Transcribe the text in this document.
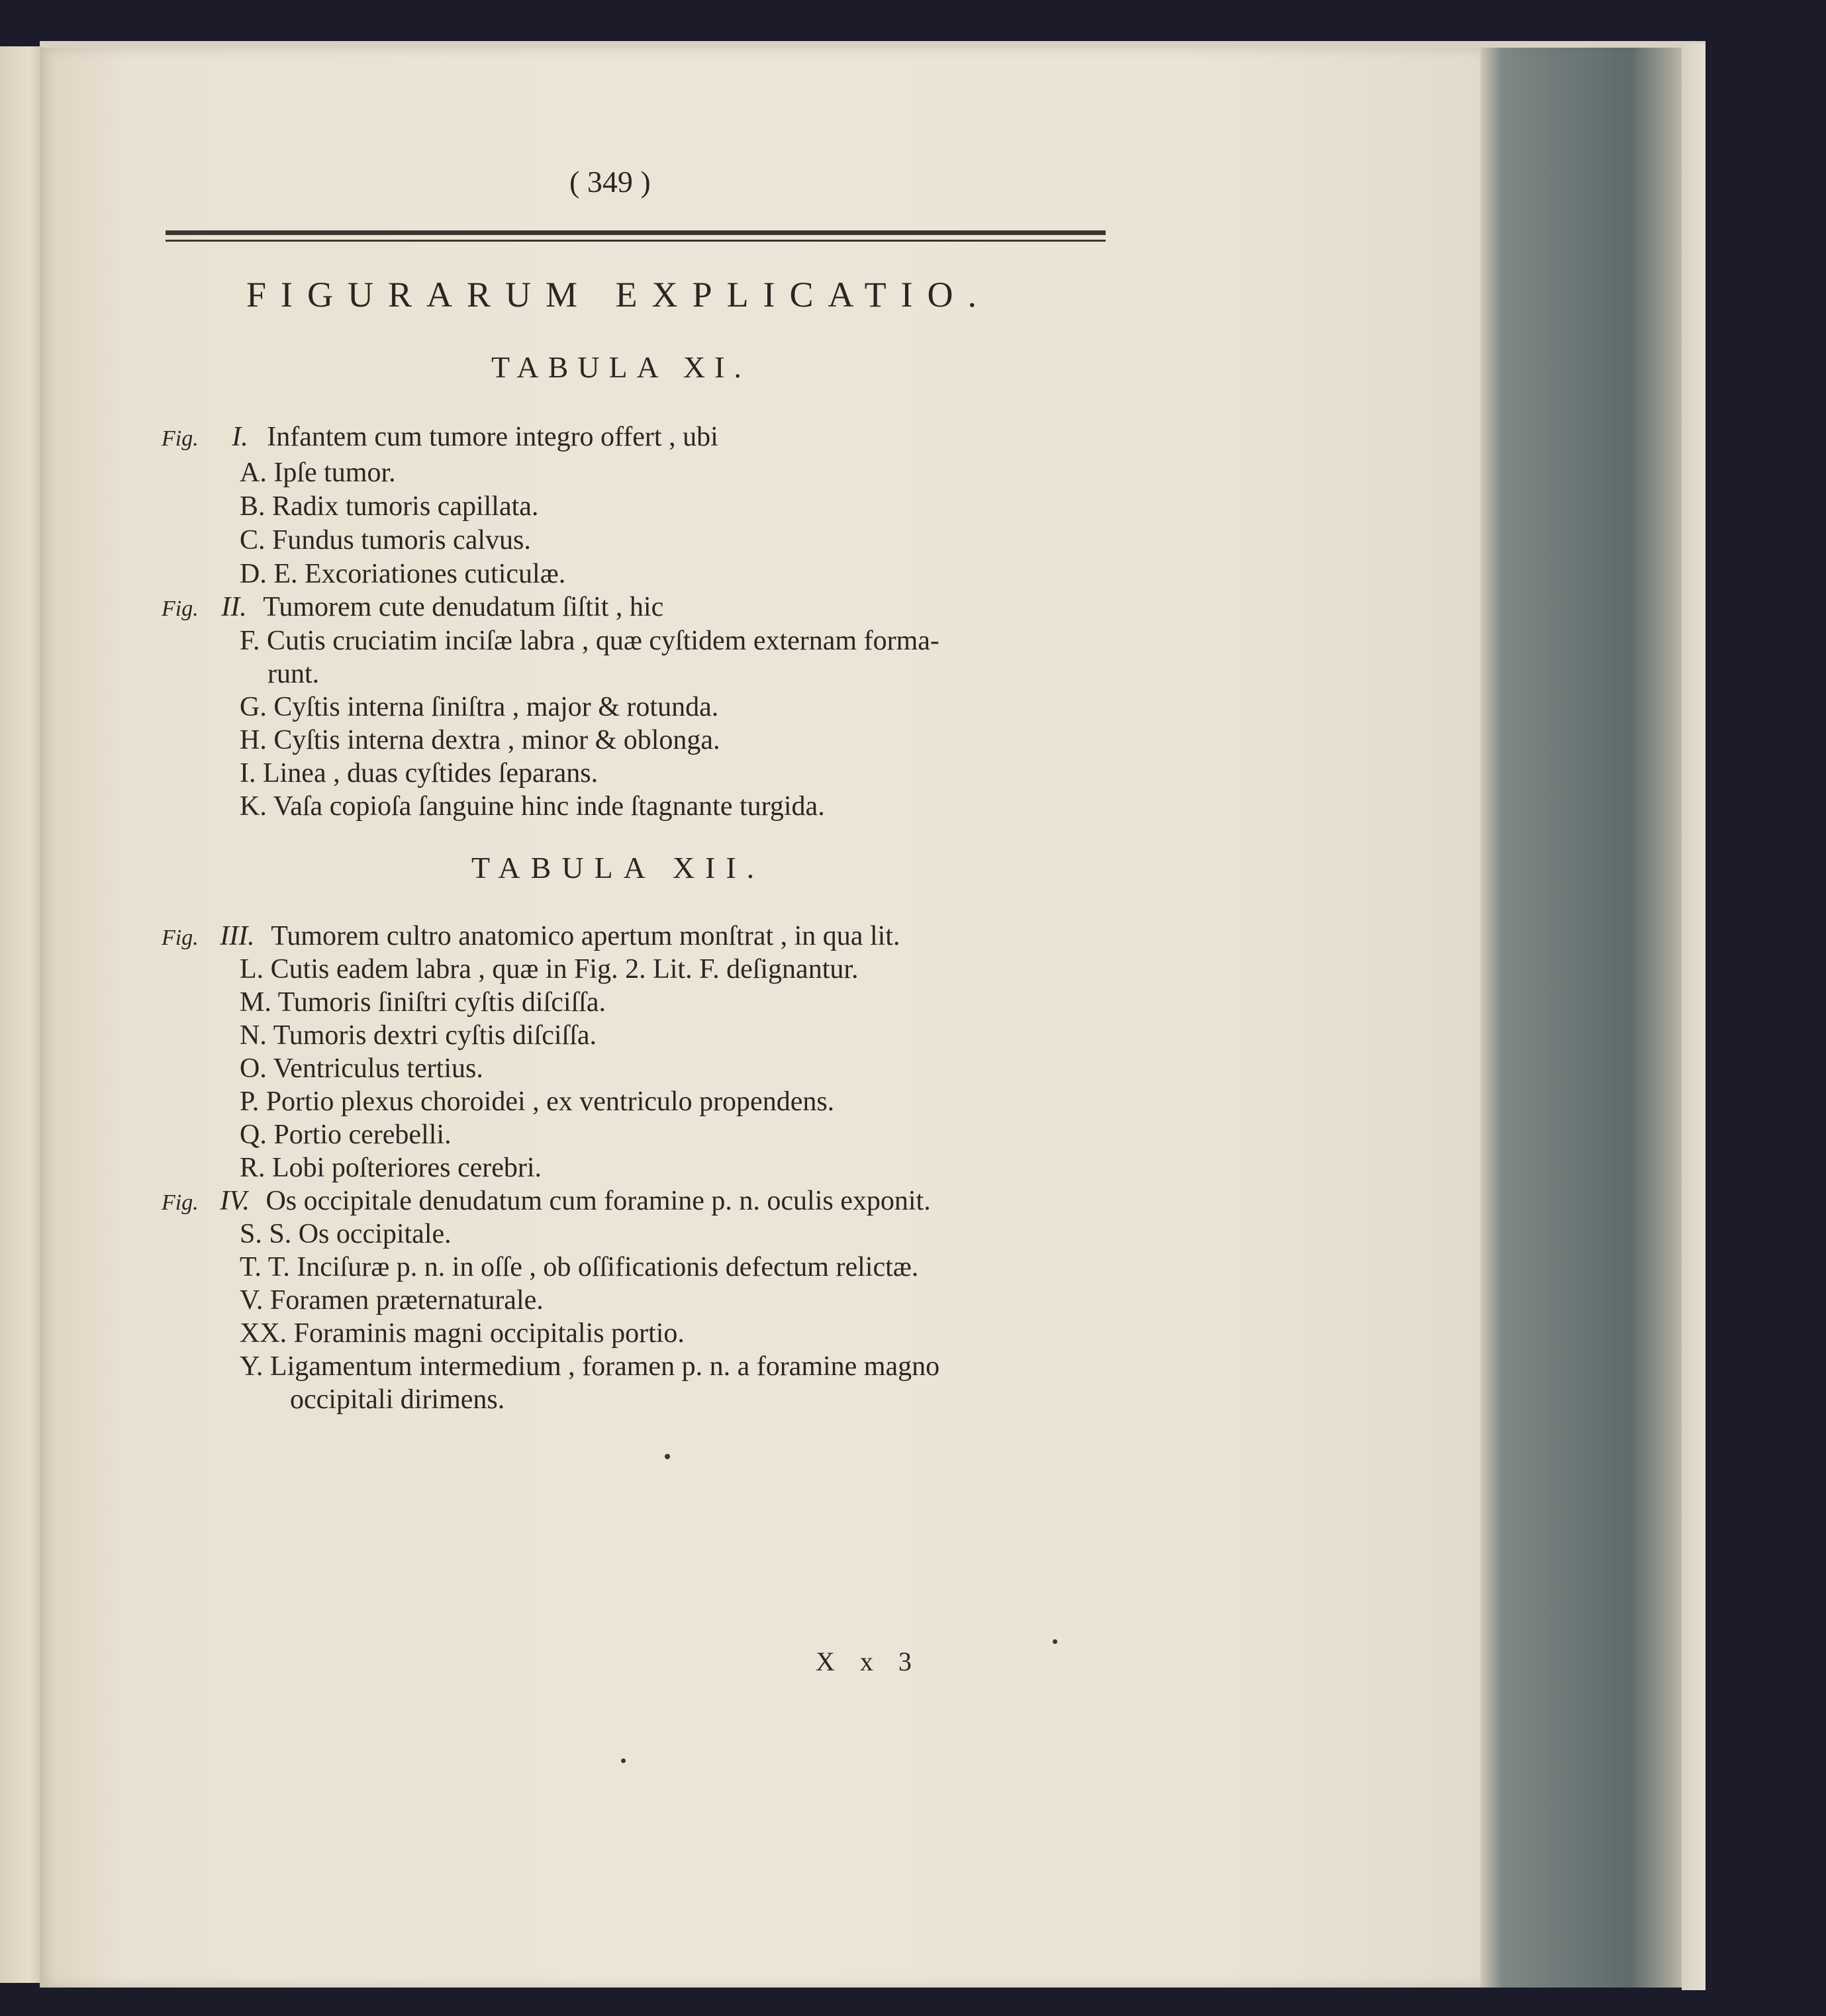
( 349 )
FIGURARUM EXPLICATIO.
TABULA XI.
Fig. I. Infantem cum tumore integro offert , ubi
A. Ipſe tumor.
B. Radix tumoris capillata.
C. Fundus tumoris calvus.
D. E. Excoriationes cuticulæ.
Fig. II. Tumorem cute denudatum ſiſtit , hic
F. Cutis cruciatim inciſæ labra , quæ cyſtidem externam forma-
runt.
G. Cyſtis interna ſiniſtra , major & rotunda.
H. Cyſtis interna dextra , minor & oblonga.
I. Linea , duas cyſtides ſeparans.
K. Vaſa copioſa ſanguine hinc inde ſtagnante turgida.
TABULA XII.
Fig. III. Tumorem cultro anatomico apertum monſtrat , in qua lit.
L. Cutis eadem labra , quæ in Fig. 2. Lit. F. deſignantur.
M. Tumoris ſiniſtri cyſtis diſciſſa.
N. Tumoris dextri cyſtis diſciſſa.
O. Ventriculus tertius.
P. Portio plexus choroidei , ex ventriculo propendens.
Q. Portio cerebelli.
R. Lobi poſteriores cerebri.
Fig. IV. Os occipitale denudatum cum foramine p. n. oculis exponit.
S. S. Os occipitale.
T. T. Inciſuræ p. n. in oſſe , ob oſſificationis defectum relictæ.
V. Foramen præternaturale.
XX. Foraminis magni occipitalis portio.
Y. Ligamentum intermedium , foramen p. n. a foramine magno
occipitali dirimens.
X x 3
